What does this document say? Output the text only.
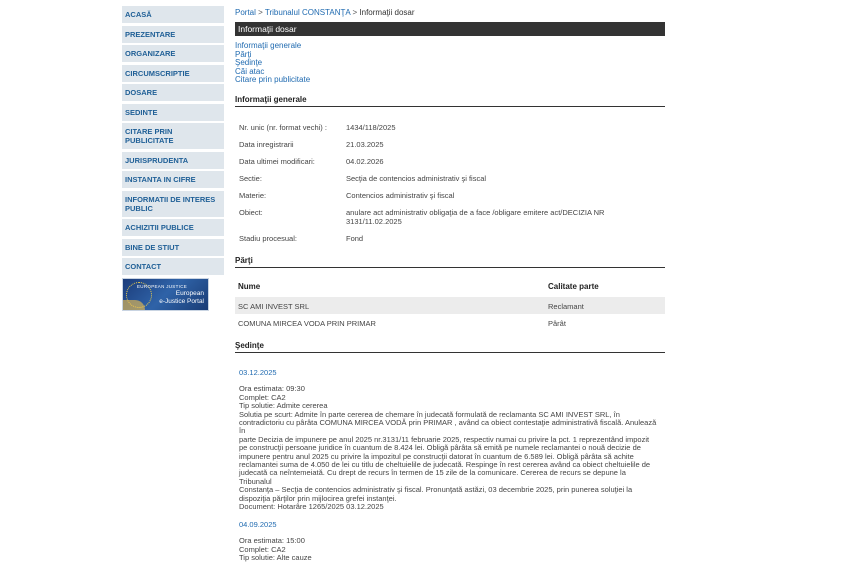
ACASĂ
PREZENTARE
ORGANIZARE
CIRCUMSCRIPTIE
DOSARE
SEDINTE
CITARE PRIN PUBLICITATE
JURISPRUDENTA
INSTANTA IN CIFRE
INFORMATII DE INTERES PUBLIC
ACHIZITII PUBLICE
BINE DE STIUT
CONTACT
EUROPEAN JUSTICE
European
e-Justice Portal
Portal > Tribunalul CONSTANŢA > Informaţii dosar
Informaţii dosar
Informaţii generale
Părţi
Şedinţe
Căi atac
Citare prin publicitate
Informaţii generale
Nr. unic (nr. format vechi) :	1434/118/2025
Data inregistrarii	21.03.2025
Data ultimei modificari:	04.02.2026
Sectie:	Secţia de contencios administrativ şi fiscal
Materie:	Contencios administrativ şi fiscal
Obiect:	anulare act administrativ obligaţia de a face /obligare emitere act/DECIZIA NR 3131/11.02.2025
Stadiu procesual:	Fond
Părţi
Nume	Calitate parte
SC AMI INVEST SRL	Reclamant
COMUNA MIRCEA VODA PRIN PRIMAR	Pârât
Şedinţe
03.12.2025
Ora estimata: 09:30
Complet: CA2
Tip solutie: Admite cererea
Solutia pe scurt: Admite în parte cererea de chemare în judecată formulată de reclamanta SC AMI INVEST SRL, în
contradictoriu cu pârâta COMUNA MIRCEA VODĂ prin PRIMAR , având ca obiect contestaţie administrativă fiscală. Anulează în
parte Decizia de impunere pe anul 2025 nr.3131/11 februarie 2025, respectiv numai cu privire la pct. 1 reprezentând impozit
pe construcţii persoane juridice în cuantum de 8.424 lei. Obligă pârâta să emită pe numele reclamantei o nouă decizie de
impunere pentru anul 2025 cu privire la impozitul pe construcţii datorat în cuantum de 6.589 lei. Obligă pârâta să achite
reclamantei suma de 4.050 de lei cu titlu de cheltuielile de judecată. Respinge în rest cererea având ca obiect cheltuielile de
judecată ca neîntemeiată. Cu drept de recurs în termen de 15 zile de la comunicare. Cererea de recurs se depune la Tribunalul
Constanţa – Secţia de contencios administrativ şi fiscal. Pronunţată astăzi, 03 decembrie 2025, prin punerea soluţiei la
dispoziţia părţilor prin mijlocirea grefei instanţei.
Document: Hotarâre 1265/2025 03.12.2025
04.09.2025
Ora estimata: 15:00
Complet: CA2
Tip solutie: Alte cauze
